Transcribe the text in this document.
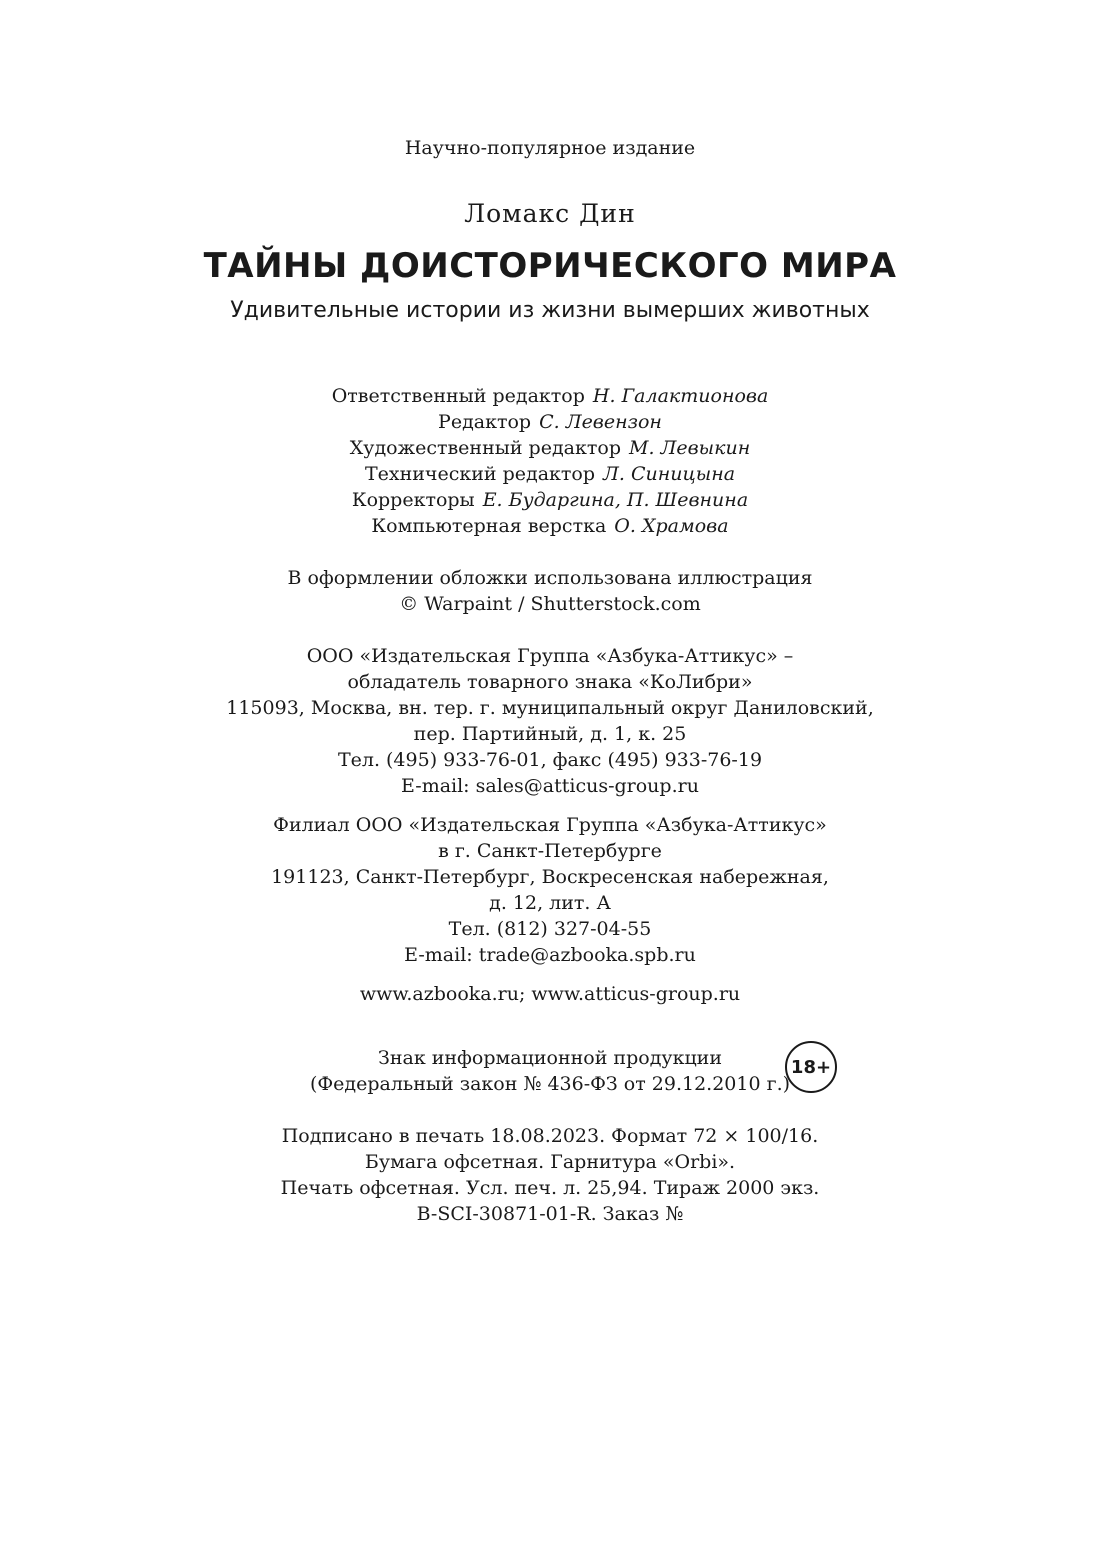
Научно-популярное издание
Ломакс Дин
ТАЙНЫ ДОИСТОРИЧЕСКОГО МИРА
Удивительные истории из жизни вымерших животных
Ответственный редактор Н. Галактионова
Редактор С. Левензон
Художественный редактор М. Левыкин
Технический редактор Л. Синицына
Корректоры Е. Бударгина, П. Шевнина
Компьютерная верстка О. Храмова
В оформлении обложки использована иллюстрация
© Warpaint / Shutterstock.com
ООО «Издательская Группа «Азбука-Аттикус» –
обладатель товарного знака «КоЛибри»
115093, Москва, вн. тер. г. муниципальный округ Даниловский,
пер. Партийный, д. 1, к. 25
Тел. (495) 933-76-01, факс (495) 933-76-19
E-mail: sales@atticus-group.ru
Филиал ООО «Издательская Группа «Азбука-Аттикус»
в г. Санкт-Петербурге
191123, Санкт-Петербург, Воскресенская набережная,
д. 12, лит. А
Тел. (812) 327-04-55
E-mail: trade@azbooka.spb.ru
www.azbooka.ru; www.atticus-group.ru
Знак информационной продукции
(Федеральный закон № 436-ФЗ от 29.12.2010 г.)
18+
Подписано в печать 18.08.2023. Формат 72 × 100/16.
Бумага офсетная. Гарнитура «Orbi».
Печать офсетная. Усл. печ. л. 25,94. Тираж 2000 экз.
B-SCI-30871-01-R. Заказ №
